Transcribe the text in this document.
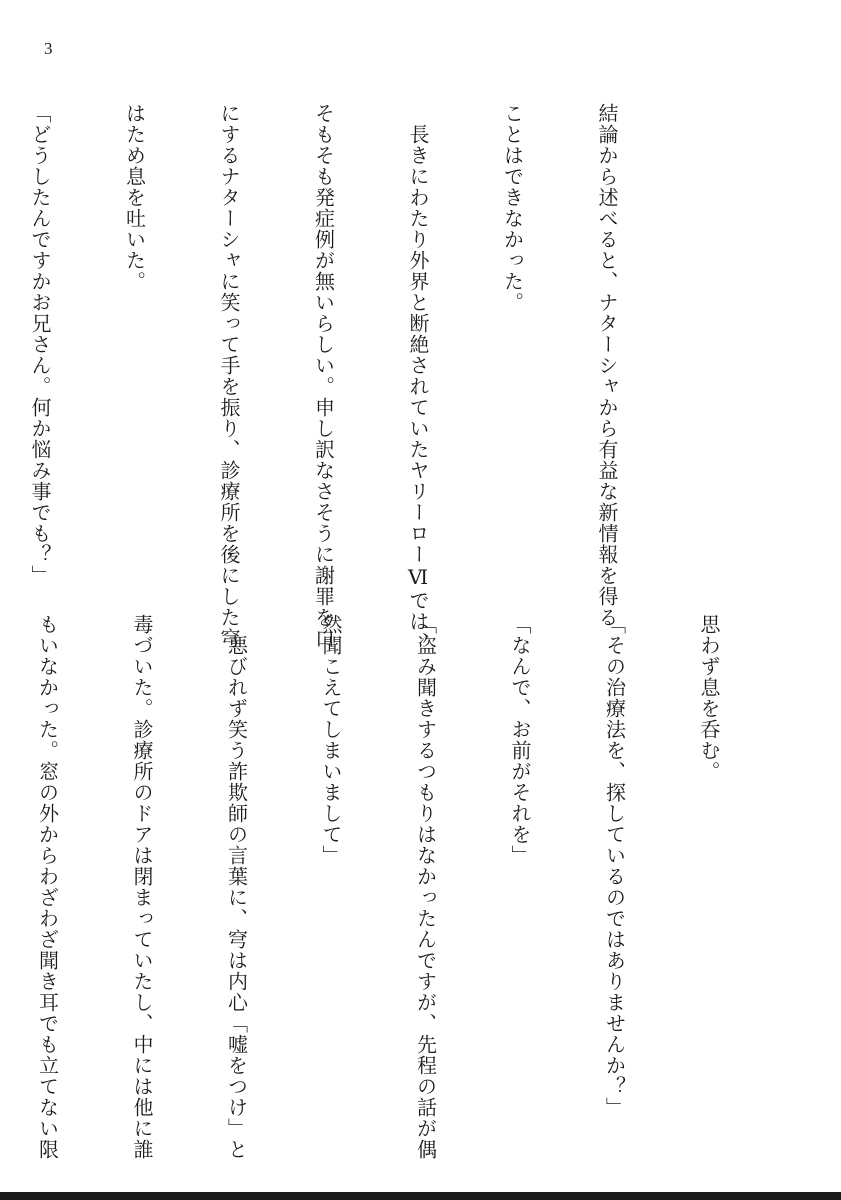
3

結論から述べると、ナターシャから有益な新情報を得る

ことはできなかった。

　長きにわたり外界と断絶されていたヤリーローⅥでは、

そもそも発症例が無いらしい。申し訳なさそうに謝罪を口

にするナターシャに笑って手を振り、診療所を後にした穹

はため息を吐いた。

「どうしたんですかお兄さん。何か悩み事でも？」

思わず息を呑む。

「その治療法を、探しているのではありませんか？」

「なんで、お前がそれを」

「盗み聞きするつもりはなかったんですが、先程の話が偶

然聞こえてしまいまして」

　悪びれず笑う詐欺師の言葉に、穹は内心「嘘をつけ」と

毒づいた。診療所のドアは閉まっていたし、中には他に誰

もいなかった。窓の外からわざわざ聞き耳でも立てない限
